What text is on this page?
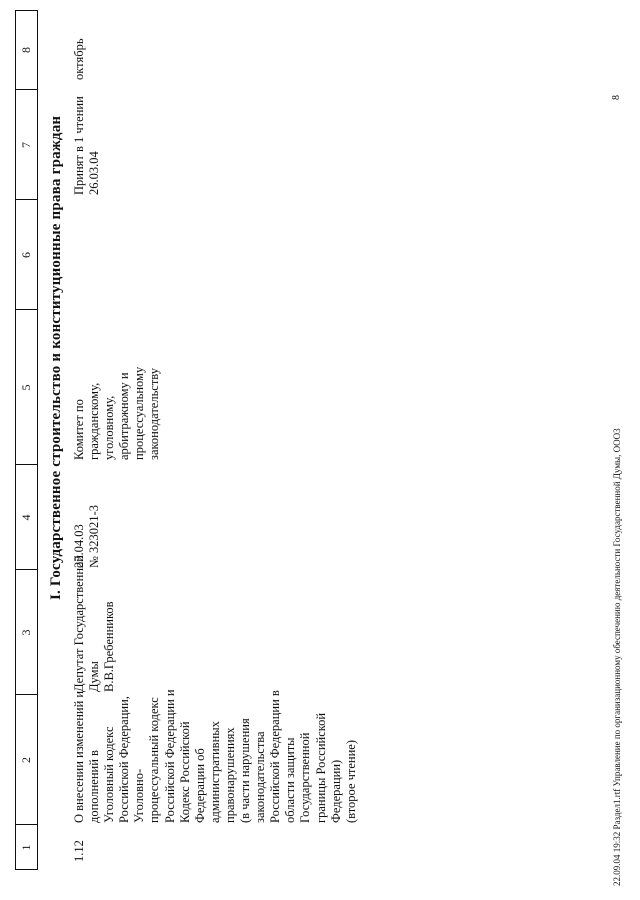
1
2
3
4
5
6
7
8
I. Государственное строительство и конституционные права граждан
1.12
О внесении изменений и
дополнений в
Уголовный кодекс
Российской Федерации,
Уголовно-
процессуальный кодекс
Российской Федерации и
Кодекс Российской
Федерации об
административных
правонарушениях
(в части нарушения
законодательства
Российской Федерации в
области защиты
Государственной
границы Российской
Федерации)
(второе чтение)
Депутат Государственной
Думы
В.В.Гребенников
23.04.03
№ 323021-3
Комитет по
гражданскому,
уголовному,
арбитражному и
процессуальному
законодательству
Принят в 1 чтении
26.03.04
октябрь
22.09.04 19:32 Раздел1.rtf Управление по организационному обеспечению деятельности Государственной Думы, ООО3
8
